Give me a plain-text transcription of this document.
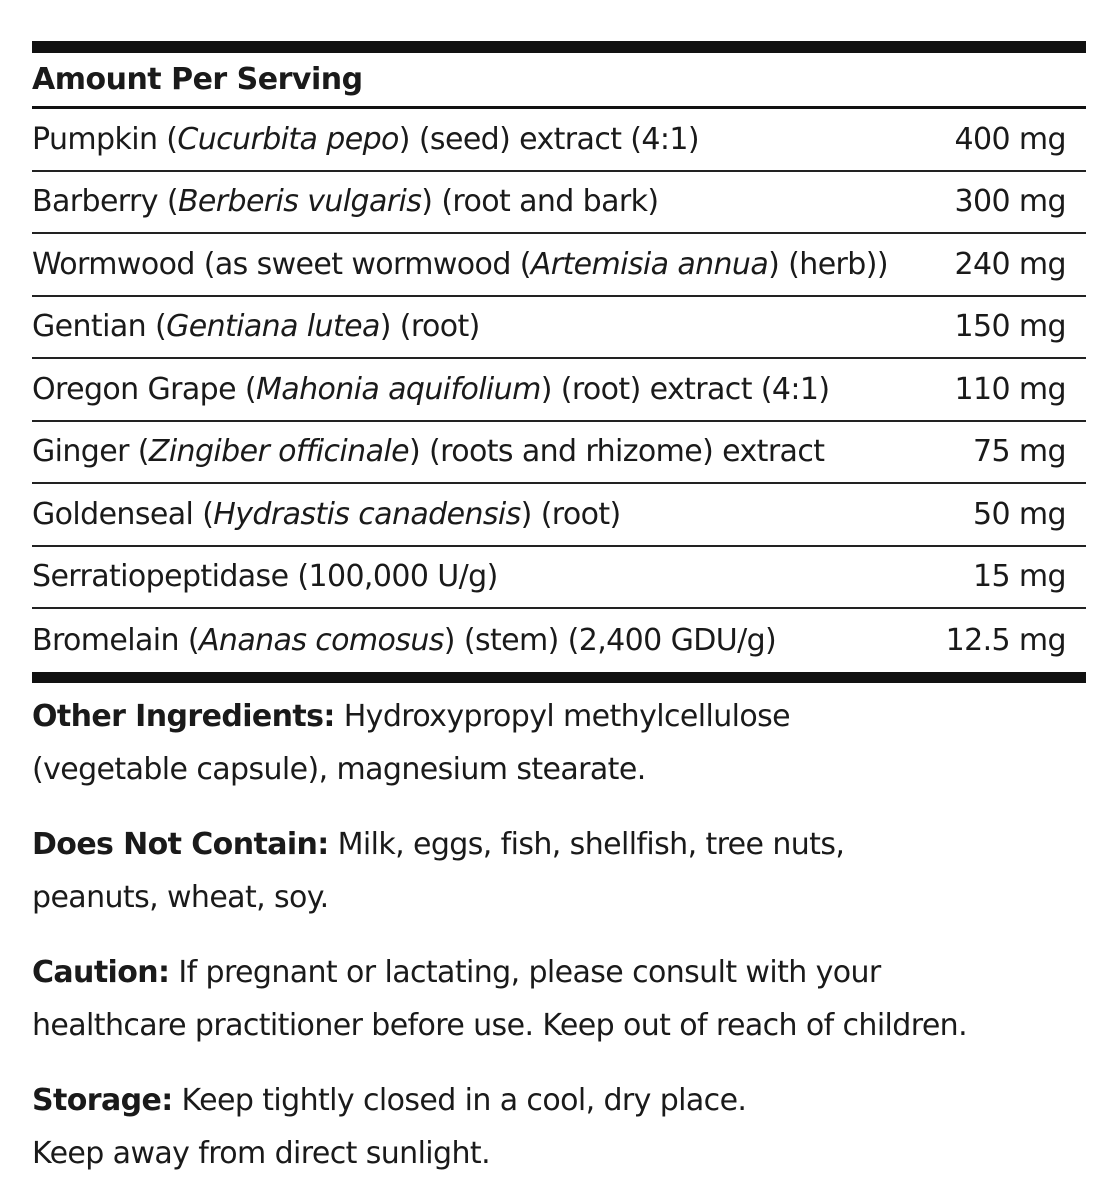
Amount Per Serving
Pumpkin (Cucurbita pepo) (seed) extract (4:1)	400 mg
Barberry (Berberis vulgaris) (root and bark)	300 mg
Wormwood (as sweet wormwood (Artemisia annua) (herb)) 240 mg
Gentian (Gentiana lutea) (root)	150 mg
Oregon Grape (Mahonia aquifolium) (root) extract (4:1)	110 mg
Ginger (Zingiber officinale) (roots and rhizome) extract	75 mg
Goldenseal (Hydrastis canadensis) (root)	50 mg
Serratiopeptidase (100,000 U/g)	15 mg
Bromelain (Ananas comosus) (stem) (2,400 GDU/g)	12.5 mg
Other Ingredients: Hydroxypropyl methylcellulose
(vegetable capsule), magnesium stearate.
Does Not Contain: Milk, eggs, fish, shellfish, tree nuts,
peanuts, wheat, soy.
Caution: If pregnant or lactating, please consult with your
healthcare practitioner before use. Keep out of reach of children.
Storage: Keep tightly closed in a cool, dry place.
Keep away from direct sunlight.
